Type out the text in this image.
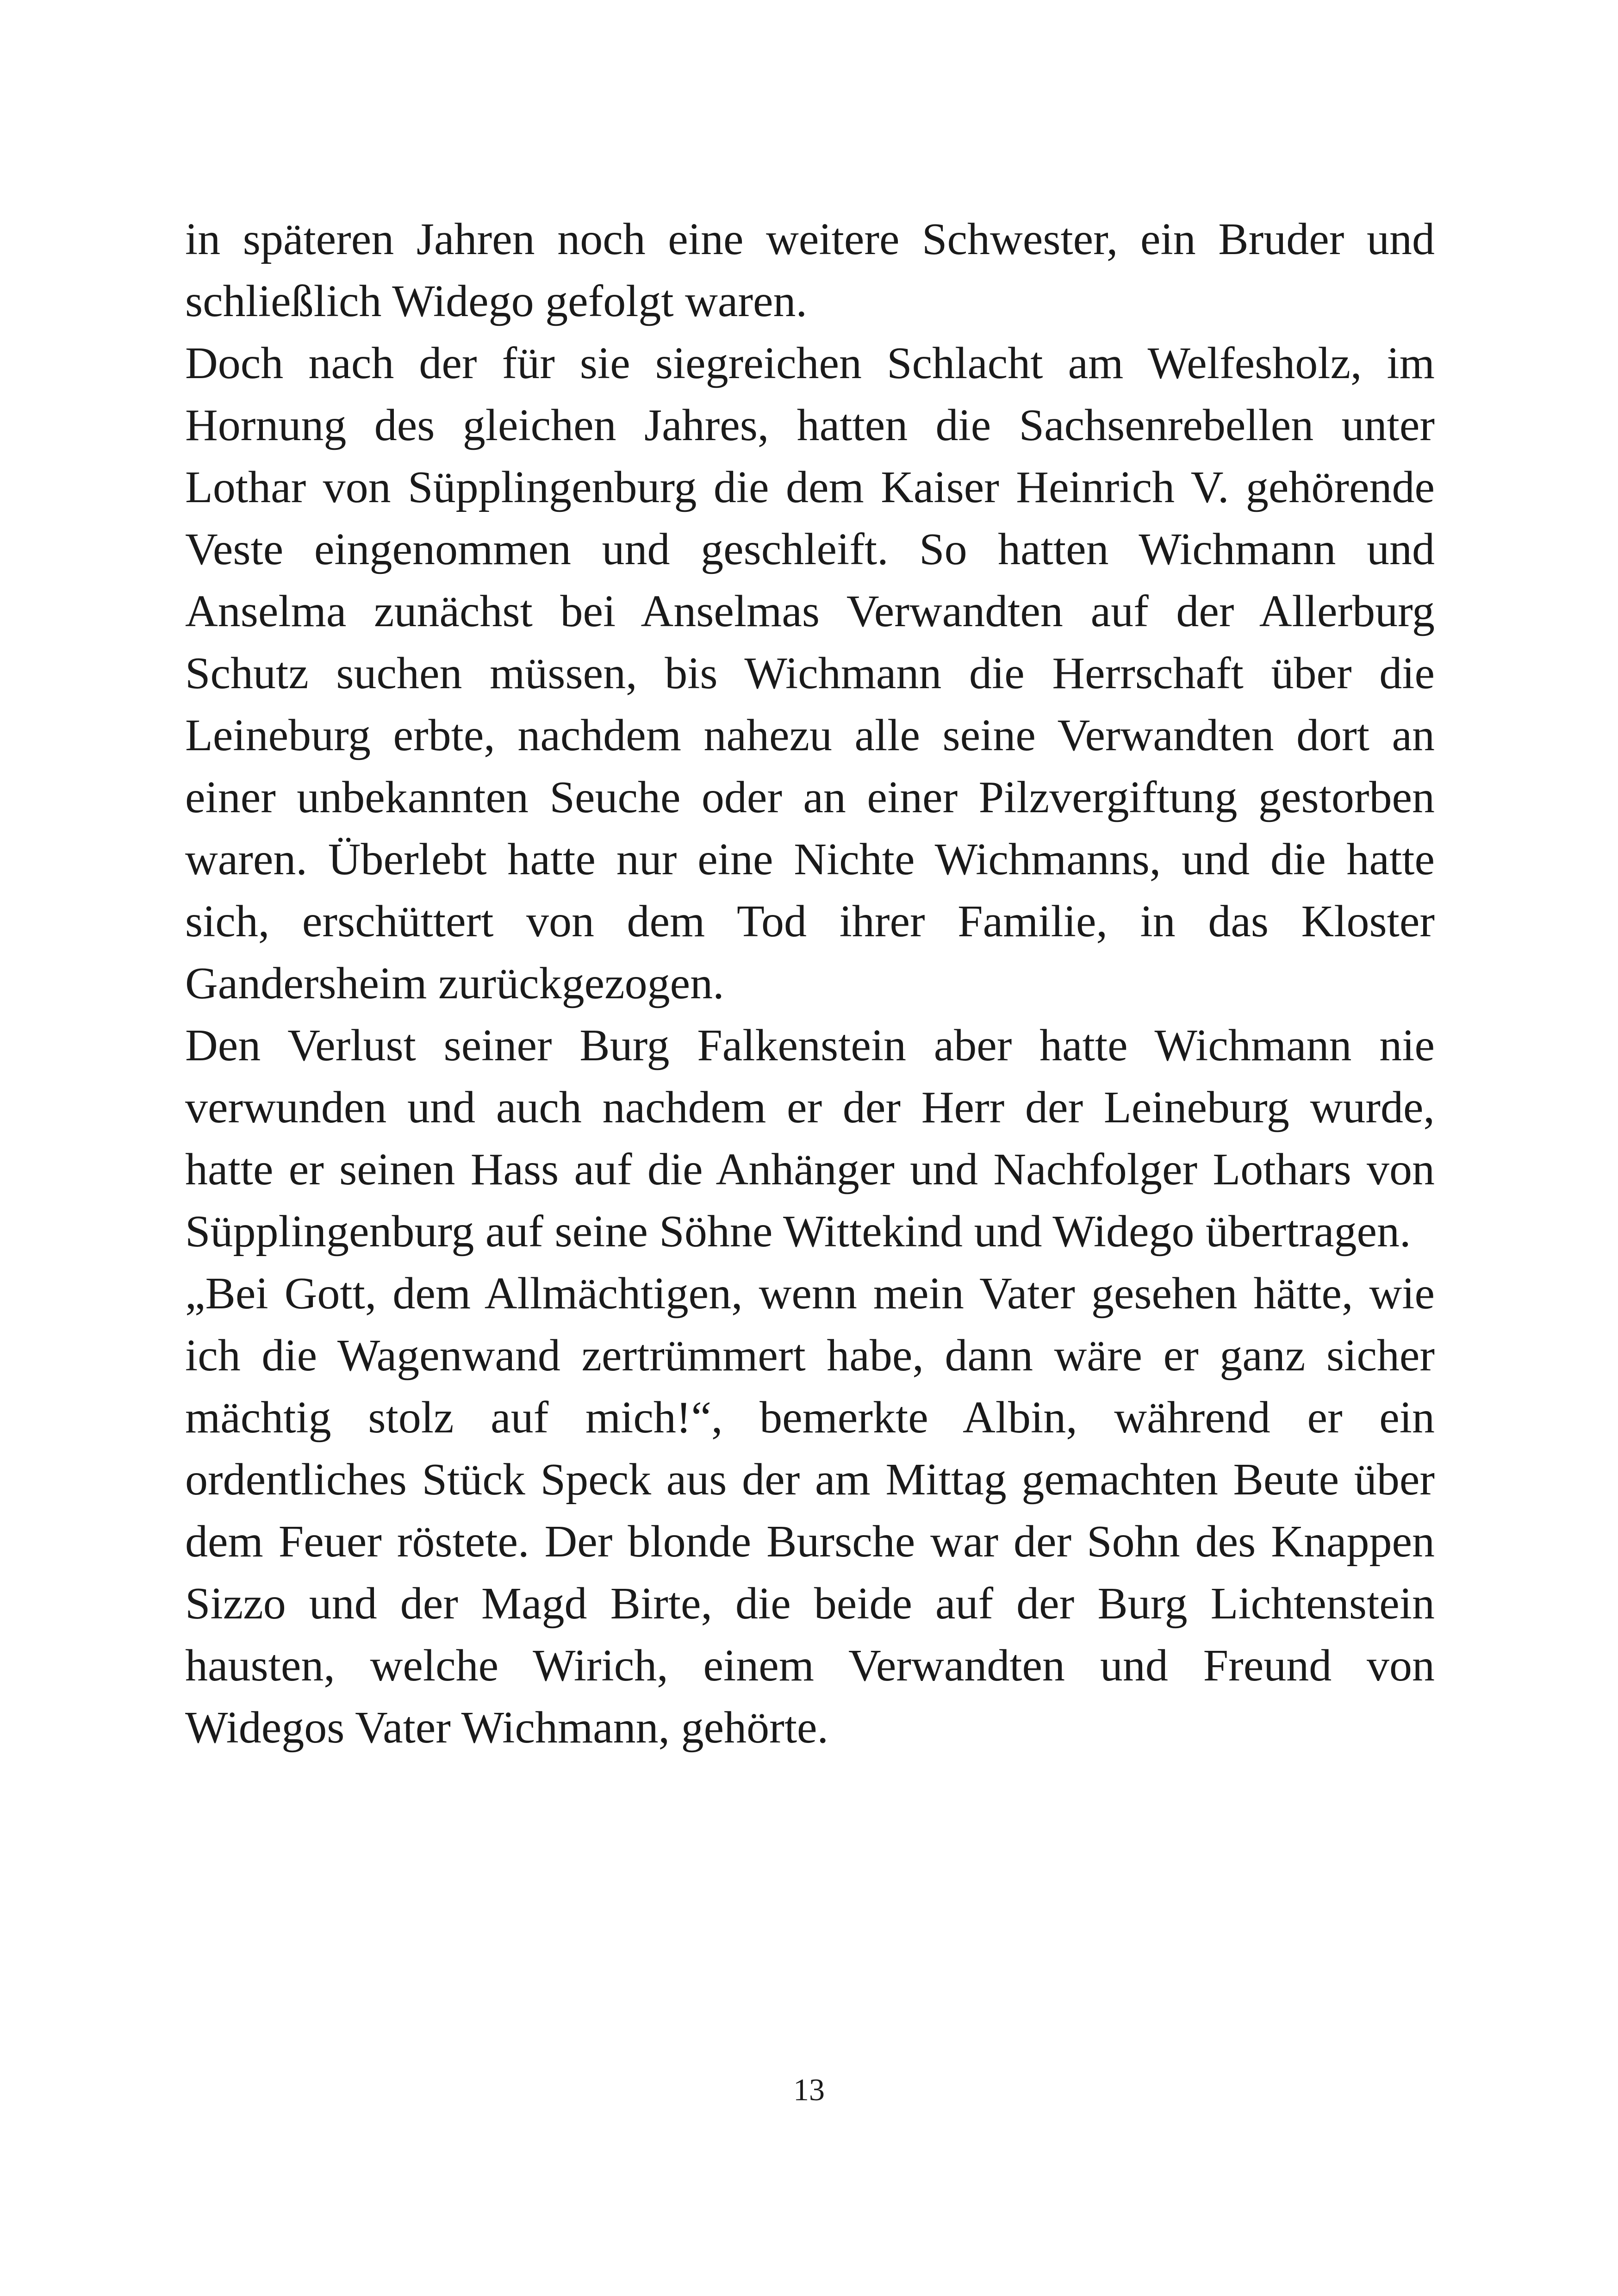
in späteren Jahren noch eine weitere Schwester, ein Bruder und schließlich Widego gefolgt waren.

Doch nach der für sie siegreichen Schlacht am Welfesholz, im Hornung des gleichen Jahres, hatten die Sachsenrebellen unter Lothar von Süpplingenburg die dem Kaiser Heinrich V. gehörende Veste eingenommen und geschleift. So hatten Wichmann und Anselma zunächst bei Anselmas Verwandten auf der Allerburg Schutz suchen müssen, bis Wichmann die Herrschaft über die Leineburg erbte, nachdem nahezu alle seine Verwandten dort an einer unbekannten Seuche oder an einer Pilzvergiftung gestorben waren. Überlebt hatte nur eine Nichte Wichmanns, und die hatte sich, erschüttert von dem Tod ihrer Familie, in das Kloster Gandersheim zurückgezogen.

Den Verlust seiner Burg Falkenstein aber hatte Wichmann nie verwunden und auch nachdem er der Herr der Leineburg wurde, hatte er seinen Hass auf die Anhänger und Nachfolger Lothars von Süpplingenburg auf seine Söhne Wittekind und Widego übertragen.

„Bei Gott, dem Allmächtigen, wenn mein Vater gesehen hätte, wie ich die Wagenwand zertrümmert habe, dann wäre er ganz sicher mächtig stolz auf mich!“, bemerkte Albin, während er ein ordentliches Stück Speck aus der am Mittag gemachten Beute über dem Feuer röstete. Der blonde Bursche war der Sohn des Knappen Sizzo und der Magd Birte, die beide auf der Burg Lichtenstein hausten, welche Wirich, einem Verwandten und Freund von Widegos Vater Wichmann, gehörte.

13
